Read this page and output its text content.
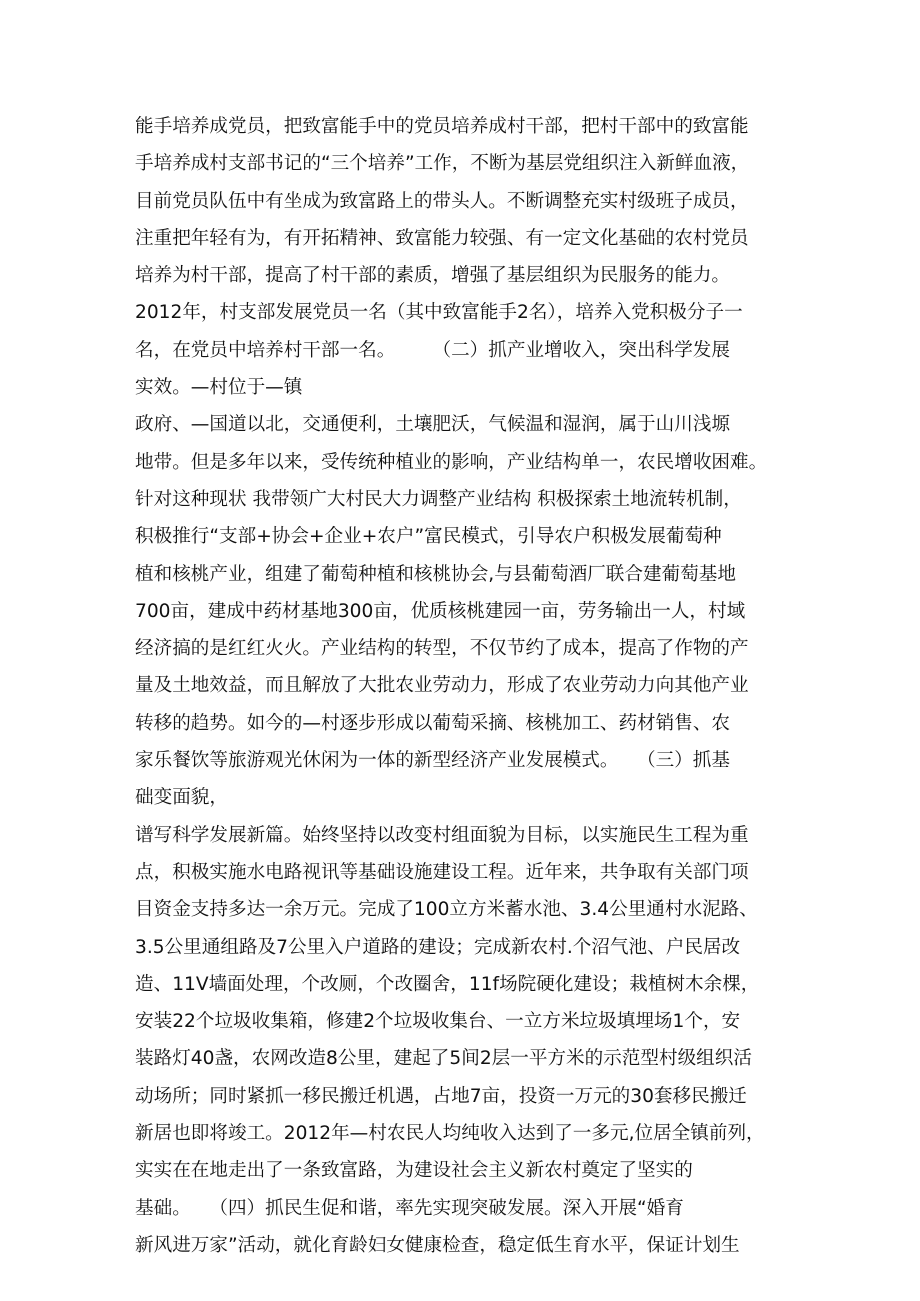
能手培养成党员，把致富能手中的党员培养成村干部，把村干部中的致富能
手培养成村支部书记的“三个培养”工作，不断为基层党组织注入新鲜血液，
目前党员队伍中有坐成为致富路上的带头人。不断调整充实村级班子成员，
注重把年轻有为，有开拓精神、致富能力较强、有一定文化基础的农村党员
培养为村干部，提高了村干部的素质，增强了基层组织为民服务的能力。
2012年，村支部发展党员一名（其中致富能手2名），培养入党积极分子一
名，在党员中培养村干部一名。　　　（二）抓产业增收入，突出科学发展
实效。—村位于—镇
政府、—国道以北，交通便利，土壤肥沃，气候温和湿润，属于山川浅塬
地带。但是多年以来，受传统种植业的影响，产业结构单一，农民增收困难。
针对这种现状 我带领广大村民大力调整产业结构 积极探索土地流转机制，
积极推行“支部+协会+企业+农户”富民模式，引导农户积极发展葡萄种
植和核桃产业，组建了葡萄种植和核桃协会,与县葡萄酒厂联合建葡萄基地
700亩，建成中药材基地300亩，优质核桃建园一亩，劳务输出一人，村域
经济搞的是红红火火。产业结构的转型，不仅节约了成本，提高了作物的产
量及土地效益，而且解放了大批农业劳动力，形成了农业劳动力向其他产业
转移的趋势。如今的—村逐步形成以葡萄采摘、核桃加工、药材销售、农
家乐餐饮等旅游观光休闲为一体的新型经济产业发展模式。　　（三）抓基
础变面貌，
谱写科学发展新篇。始终坚持以改变村组面貌为目标，以实施民生工程为重
点，积极实施水电路视讯等基础设施建设工程。近年来，共争取有关部门项
目资金支持多达一余万元。完成了100立方米蓄水池、3.4公里通村水泥路、
3.5公里通组路及7公里入户道路的建设；完成新农村.个沼气池、户民居改
造、11V墙面处理，个改厕，个改圈舍，11f场院硬化建设；栽植树木余棵，
安装22个垃圾收集箱，修建2个垃圾收集台、一立方米垃圾填埋场1个，安
装路灯40盏，农网改造8公里，建起了5间2层一平方米的示范型村级组织活
动场所；同时紧抓一移民搬迁机遇，占地7亩，投资一万元的30套移民搬迁
新居也即将竣工。2012年—村农民人均纯收入达到了一多元,位居全镇前列，
实实在在地走出了一条致富路，为建设社会主义新农村奠定了坚实的
基础。　　（四）抓民生促和谐，率先实现突破发展。深入开展“婚育
新风进万家”活动，就化育龄妇女健康检查，稳定低生育水平，保证计划生
